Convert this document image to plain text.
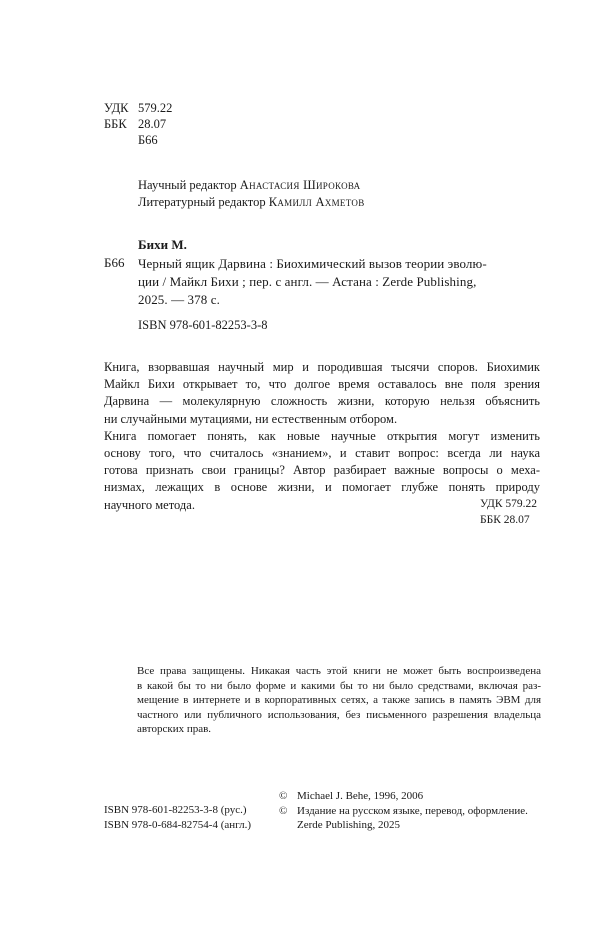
УДК 579.22
ББК 28.07
Б66
Научный редактор Анастасия Широкова
Литературный редактор Камилл Ахметов
Бихи М.
Б66 Черный ящик Дарвина : Биохимический вызов теории эволю-
ции / Майкл Бихи ; пер. с англ. — Астана : Zerde Publishing,
2025. — 378 с.
ISBN 978-601-82253-3-8
Книга, взорвавшая научный мир и породившая тысячи споров. Биохимик
Майкл Бихи открывает то, что долгое время оставалось вне поля зрения
Дарвина — молекулярную сложность жизни, которую нельзя объяснить
ни случайными мутациями, ни естественным отбором.
Книга помогает понять, как новые научные открытия могут изменить
основу того, что считалось «знанием», и ставит вопрос: всегда ли наука
готова признать свои границы? Автор разбирает важные вопросы о меха-
низмах, лежащих в основе жизни, и помогает глубже понять природу
научного метода.	УДК 579.22
ББК 28.07
Все права защищены. Никакая часть этой книги не может быть воспроизведена
в какой бы то ни было форме и какими бы то ни было средствами, включая раз-
мещение в интернете и в корпоративных сетях, а также запись в память ЭВМ для
частного или публичного использования, без письменного разрешения владельца
авторских прав.
ISBN 978-601-82253-3-8 (рус.)
ISBN 978-0-684-82754-4 (англ.)
© Michael J. Behe, 1996, 2006
© Издание на русском языке, перевод, оформление.
Zerde Publishing, 2025
